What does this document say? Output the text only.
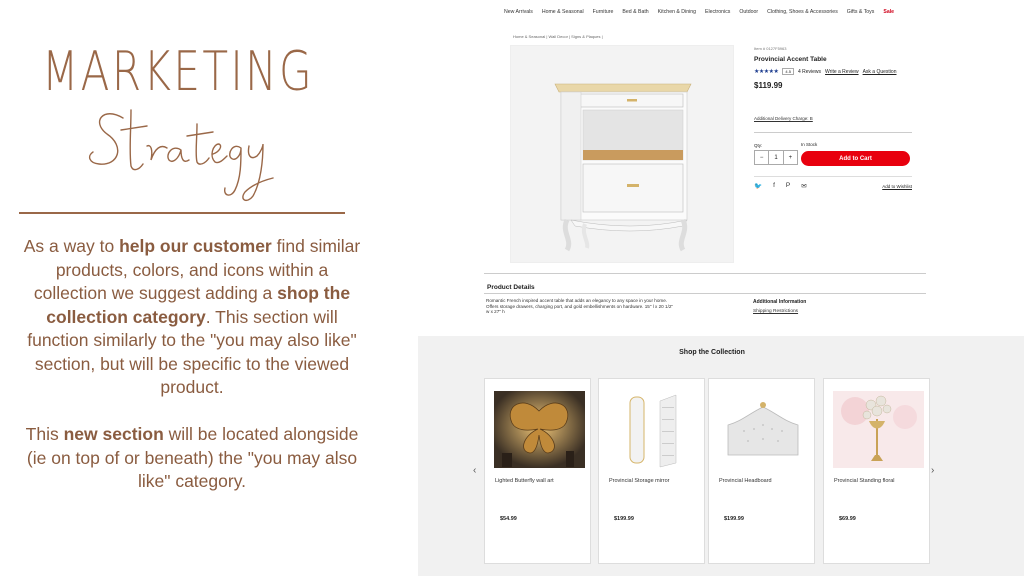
MARKETING

As a way to help our customer find similar products, colors, and icons within a collection we suggest adding a shop the collection category. This section will function similarly to the "you may also like" section, but will be specific to the viewed product.

This new section will be located alongside (ie on top of or beneath) the "you may also like" category.

New Arrivals Home & Seasonal Furniture Bed & Bath Kitchen & Dining Electronics Outdoor Clothing, Shoes & Accessories Gifts & Toys Sale
Home & Seasonal | Wall Decor | Signs & Plaques |
Item # 0127F5963
Provincial Accent Table
★★★★★	4.5	4 Reviews Write a Review Ask a Question
$119.99
Additional Delivery Charge: B
Qty:	In Stock
−	1	+	Add to Cart
🐦 f P ✉	Add to Wishlist
Product Details
Romantic French inspired accent table that adds an elegancy to any space in your home. Offers storage drawers, charging port, and gold embellishments on hardware. 15" l x 20 1/2" w x 27" h
Additional Information
Shipping Restrictions
Shop the Collection
‹	›
Lighted Butterfly wall art
$54.99
Provincial Storage mirror
$199.99
Provincial Headboard
$199.99
Provincial Standing floral
$69.99
